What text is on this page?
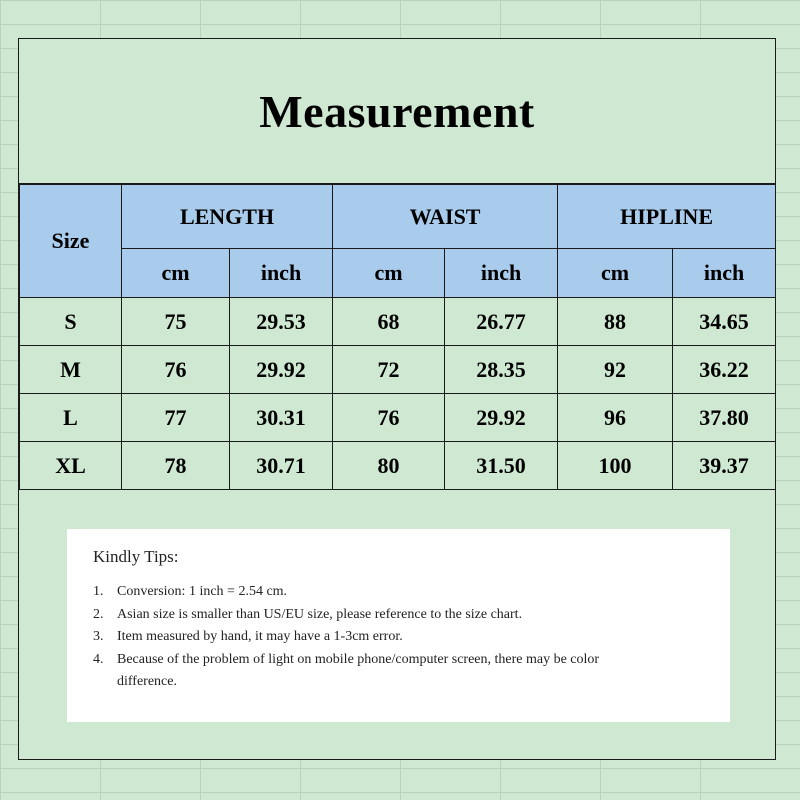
Measurement
Size	LENGTH		WAIST		HIPLINE	
	cm	inch	cm	inch	cm	inch
S	75	29.53	68	26.77	88	34.65
M	76	29.92	72	28.35	92	36.22
L	77	30.31	76	29.92	96	37.80
XL	78	30.71	80	31.50	100	39.37
Kindly Tips:
1. Conversion: 1 inch = 2.54 cm.
2. Asian size is smaller than US/EU size, please reference to the size chart.
3. Item measured by hand, it may have a 1-3cm error.
4. Because of the problem of light on mobile phone/computer screen, there may be color difference.
